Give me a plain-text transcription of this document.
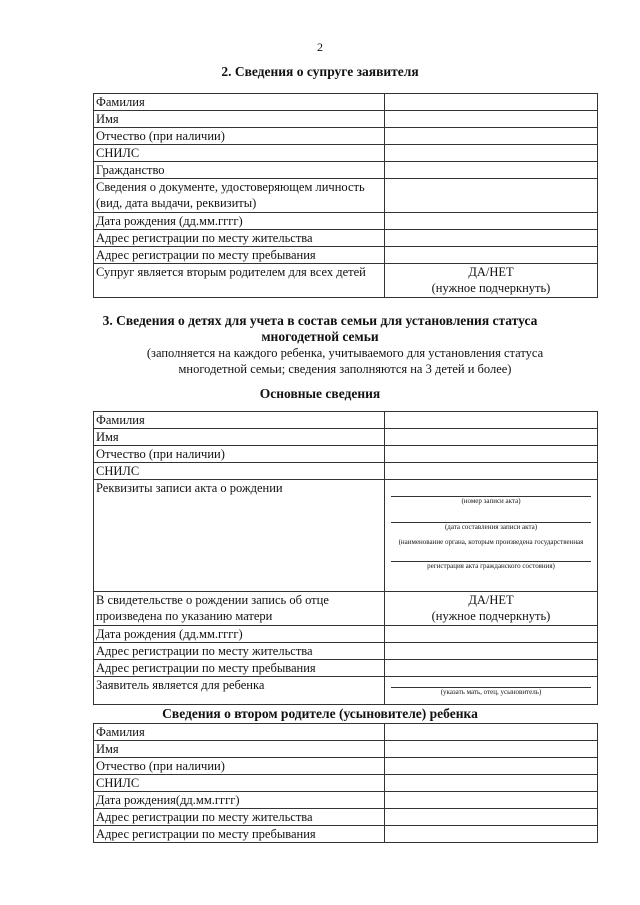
2
2. Сведения о супруге заявителя
Фамилия	
Имя	
Отчество (при наличии)	
СНИЛС	
Гражданство	
Сведения о документе, удостоверяющем личность (вид, дата выдачи, реквизиты)	
Дата рождения (дд.мм.гггг)	
Адрес регистрации по месту жительства	
Адрес регистрации по месту пребывания	
Супруг является вторым родителем для всех детей	ДА/НЕТ
(нужное подчеркнуть)
3. Сведения о детях для учета в состав семьи для установления статуса
многодетной семьи
(заполняется на каждого ребенка, учитываемого для установления статуса
многодетной семьи; сведения заполняются на 3 детей и более)
Основные сведения
Фамилия	
Имя	
Отчество (при наличии)	
СНИЛС	
Реквизиты записи акта о рождении	(номер записи акта)
(дата составления записи акта)
(наименование органа, которым произведена государственная
регистрация акта гражданского состояния)

В свидетельстве о рождении запись об отце произведена по указанию матери	ДА/НЕТ
(нужное подчеркнуть)

Дата рождения (дд.мм.гггг)	
Адрес регистрации по месту жительства	
Адрес регистрации по месту пребывания	
Заявитель является для ребенка	(указать мать, отец, усыновитель)
Сведения о втором родителе (усыновителе) ребенка
Фамилия	
Имя	
Отчество (при наличии)	
СНИЛС	
Дата рождения(дд.мм.гггг)	
Адрес регистрации по месту жительства	
Адрес регистрации по месту пребывания	
